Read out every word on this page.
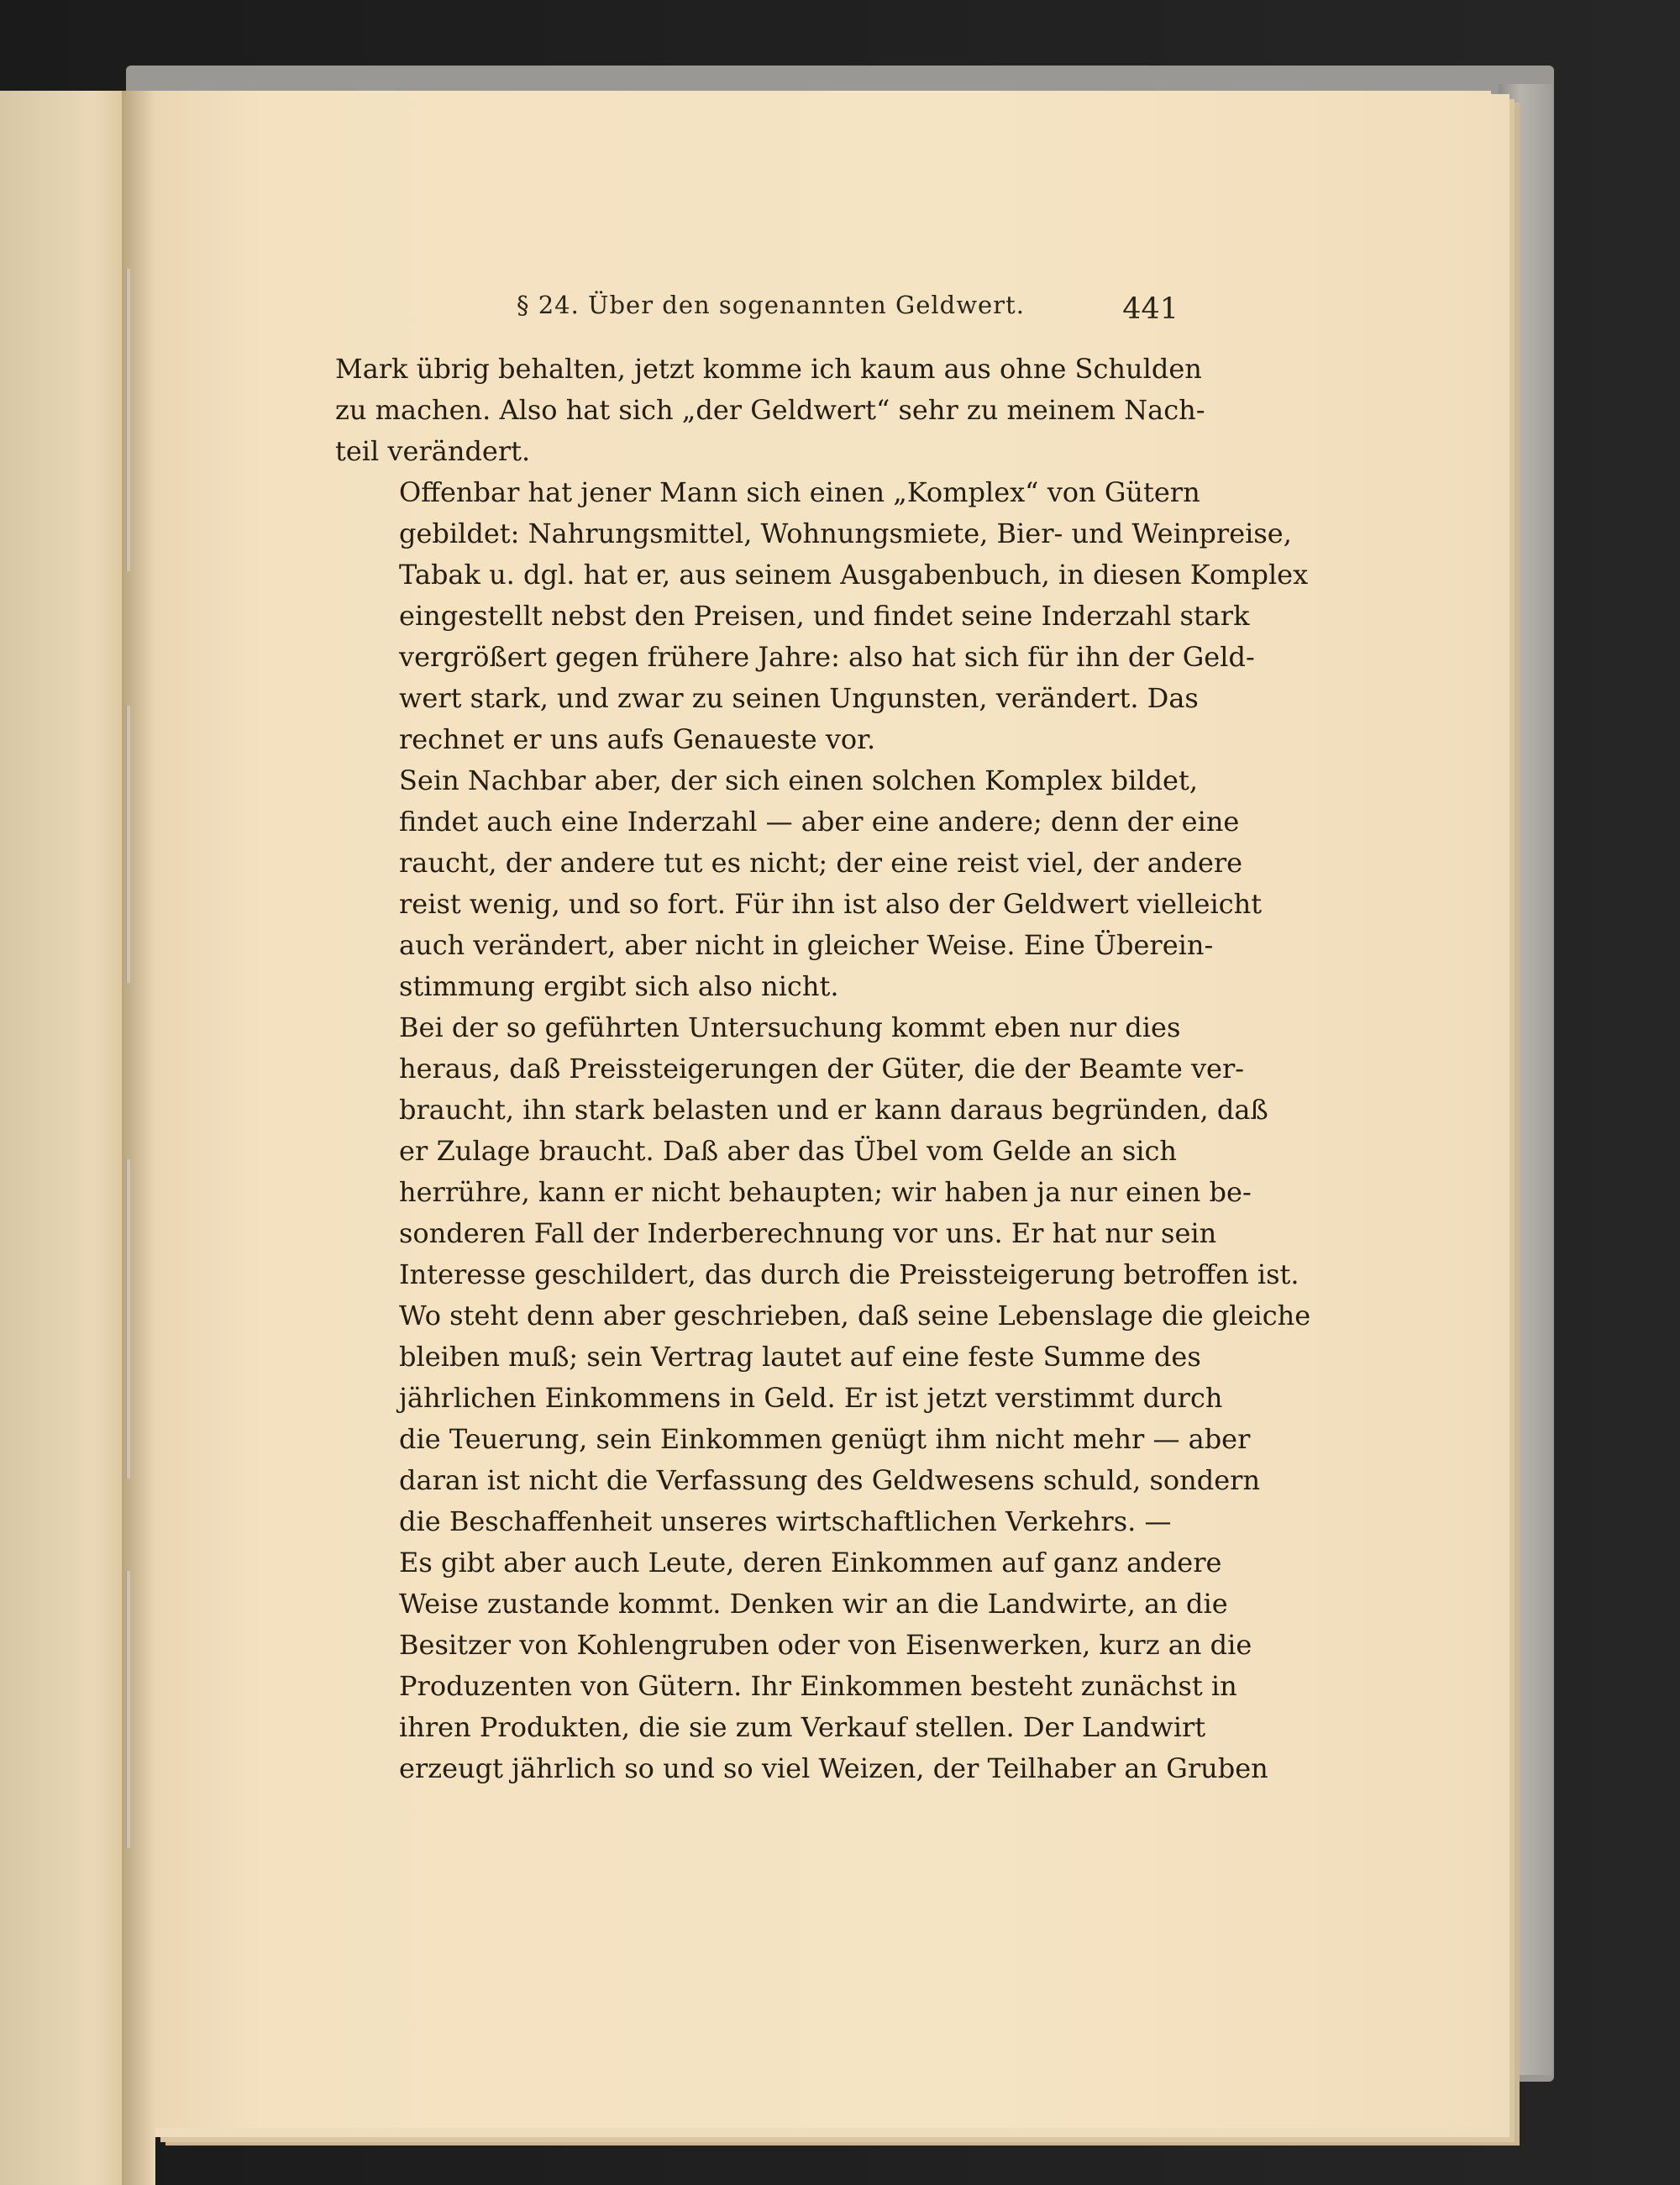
§ 24. Über den sogenannten Geldwert.	441
Mark übrig behalten, jetzt komme ich kaum aus ohne Schulden
zu machen. Also hat sich „der Geldwert“ sehr zu meinem Nach-
teil verändert.
Offenbar hat jener Mann sich einen „Komplex“ von Gütern
gebildet: Nahrungsmittel, Wohnungsmiete, Bier- und Weinpreise,
Tabak u. dgl. hat er, aus seinem Ausgabenbuch, in diesen Komplex
eingestellt nebst den Preisen, und findet seine Inderzahl stark
vergrößert gegen frühere Jahre: also hat sich für ihn der Geld-
wert stark, und zwar zu seinen Ungunsten, verändert. Das
rechnet er uns aufs Genaueste vor.
Sein Nachbar aber, der sich einen solchen Komplex bildet,
findet auch eine Inderzahl — aber eine andere; denn der eine
raucht, der andere tut es nicht; der eine reist viel, der andere
reist wenig, und so fort. Für ihn ist also der Geldwert vielleicht
auch verändert, aber nicht in gleicher Weise. Eine Überein-
stimmung ergibt sich also nicht.
Bei der so geführten Untersuchung kommt eben nur dies
heraus, daß Preissteigerungen der Güter, die der Beamte ver-
braucht, ihn stark belasten und er kann daraus begründen, daß
er Zulage braucht. Daß aber das Übel vom Gelde an sich
herrühre, kann er nicht behaupten; wir haben ja nur einen be-
sonderen Fall der Inderberechnung vor uns. Er hat nur sein
Interesse geschildert, das durch die Preissteigerung betroffen ist.
Wo steht denn aber geschrieben, daß seine Lebenslage die gleiche
bleiben muß; sein Vertrag lautet auf eine feste Summe des
jährlichen Einkommens in Geld. Er ist jetzt verstimmt durch
die Teuerung, sein Einkommen genügt ihm nicht mehr — aber
daran ist nicht die Verfassung des Geldwesens schuld, sondern
die Beschaffenheit unseres wirtschaftlichen Verkehrs. —
Es gibt aber auch Leute, deren Einkommen auf ganz andere
Weise zustande kommt. Denken wir an die Landwirte, an die
Besitzer von Kohlengruben oder von Eisenwerken, kurz an die
Produzenten von Gütern. Ihr Einkommen besteht zunächst in
ihren Produkten, die sie zum Verkauf stellen. Der Landwirt
erzeugt jährlich so und so viel Weizen, der Teilhaber an Gruben
